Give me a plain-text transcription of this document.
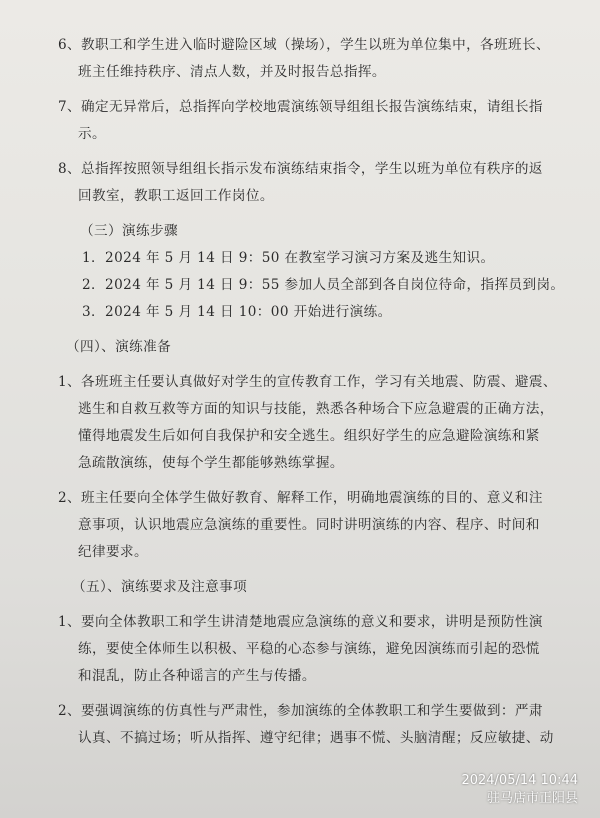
6、教职工和学生进入临时避险区域（操场），学生以班为单位集中，各班班长、
班主任维持秩序、清点人数，并及时报告总指挥。
7、确定无异常后，总指挥向学校地震演练领导组组长报告演练结束，请组长指
示。
8、总指挥按照领导组组长指示发布演练结束指令，学生以班为单位有秩序的返
回教室，教职工返回工作岗位。
（三）演练步骤
1．2024 年 5 月 14 日 9：50 在教室学习演习方案及逃生知识。
2．2024 年 5 月 14 日 9：55 参加人员全部到各自岗位待命，指挥员到岗。
3．2024 年 5 月 14 日 10：00 开始进行演练。
（四）、演练准备
1、各班班主任要认真做好对学生的宣传教育工作，学习有关地震、防震、避震、
逃生和自救互救等方面的知识与技能，熟悉各种场合下应急避震的正确方法，
懂得地震发生后如何自我保护和安全逃生。组织好学生的应急避险演练和紧
急疏散演练，使每个学生都能够熟练掌握。
2、班主任要向全体学生做好教育、解释工作，明确地震演练的目的、意义和注
意事项，认识地震应急演练的重要性。同时讲明演练的内容、程序、时间和
纪律要求。
（五）、演练要求及注意事项
1、要向全体教职工和学生讲清楚地震应急演练的意义和要求，讲明是预防性演
练，要使全体师生以积极、平稳的心态参与演练，避免因演练而引起的恐慌
和混乱，防止各种谣言的产生与传播。
2、要强调演练的仿真性与严肃性，参加演练的全体教职工和学生要做到：严肃
认真、不搞过场；听从指挥、遵守纪律；遇事不慌、头脑清醒；反应敏捷、动
2024/05/14 10:44
驻马店市正阳县
